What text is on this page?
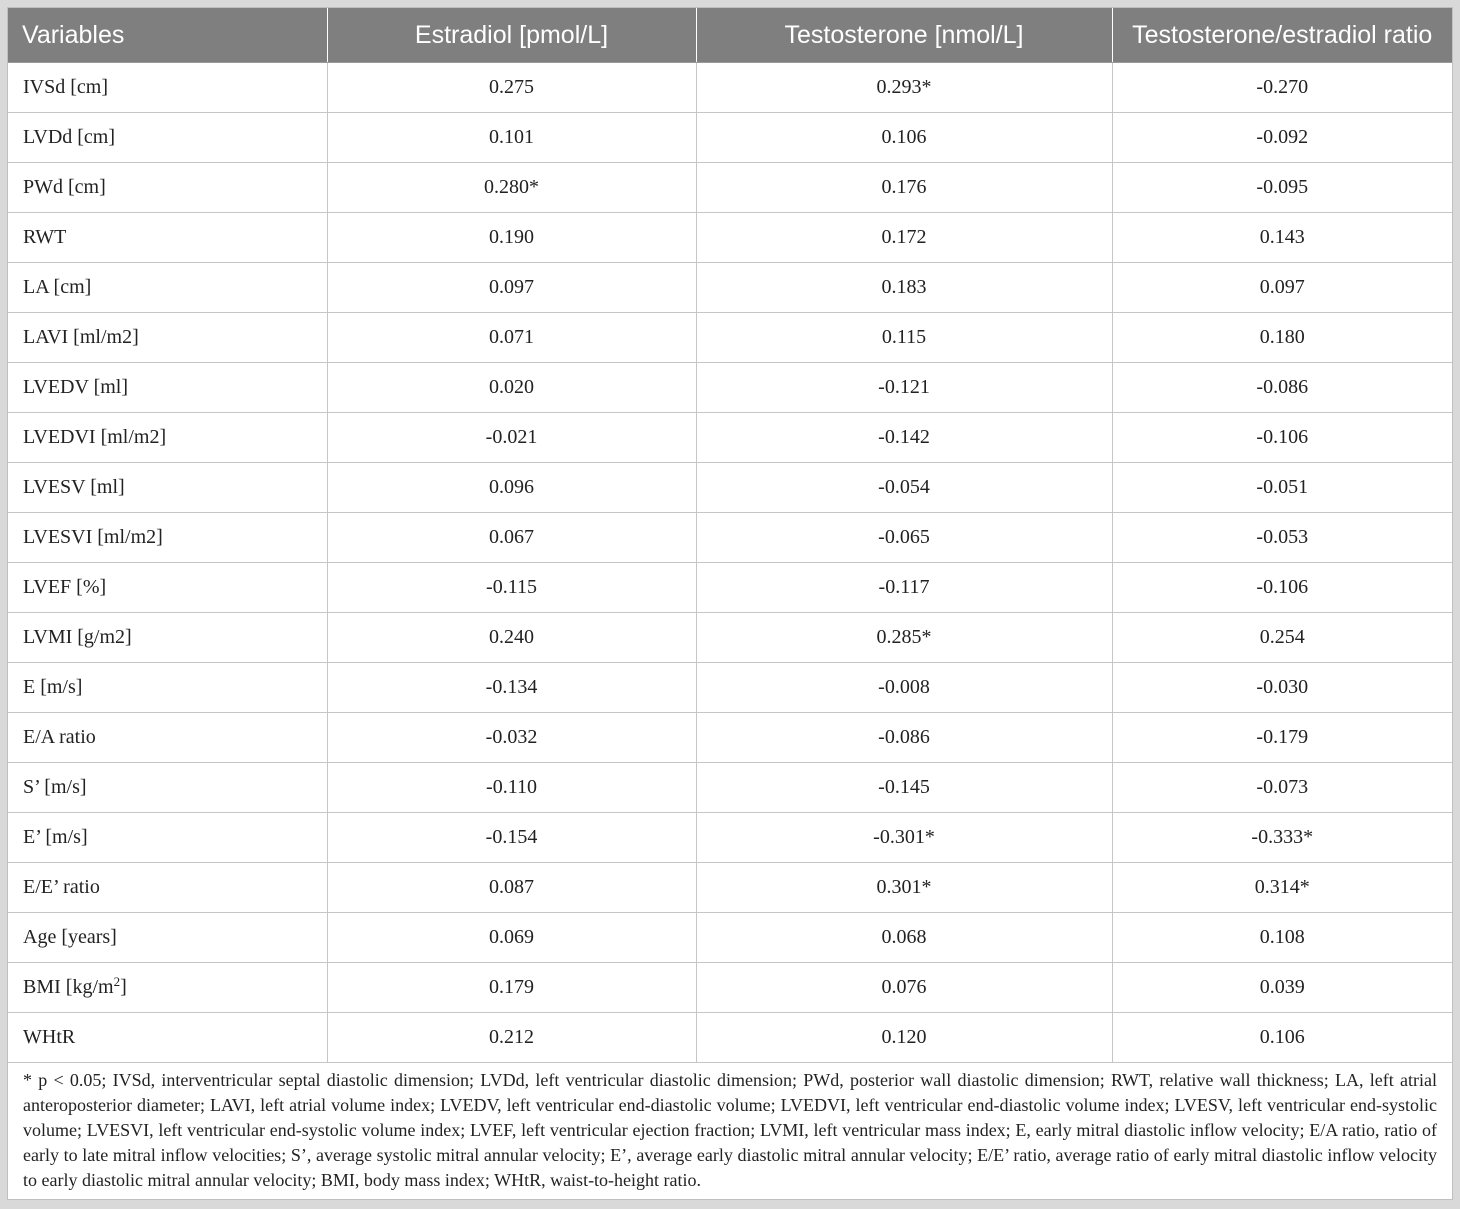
Variables	Estradiol [pmol/L]	Testosterone [nmol/L]	Testosterone/estradiol ratio
IVSd [cm]	0.275	0.293*	-0.270
LVDd [cm]	0.101	0.106	-0.092
PWd [cm]	0.280*	0.176	-0.095
RWT	0.190	0.172	0.143
LA [cm]	0.097	0.183	0.097
LAVI [ml/m2]	0.071	0.115	0.180
LVEDV [ml]	0.020	-0.121	-0.086
LVEDVI [ml/m2]	-0.021	-0.142	-0.106
LVESV [ml]	0.096	-0.054	-0.051
LVESVI [ml/m2]	0.067	-0.065	-0.053
LVEF [%]	-0.115	-0.117	-0.106
LVMI [g/m2]	0.240	0.285*	0.254
E [m/s]	-0.134	-0.008	-0.030
E/A ratio	-0.032	-0.086	-0.179
S’ [m/s]	-0.110	-0.145	-0.073
E’ [m/s]	-0.154	-0.301*	-0.333*
E/E’ ratio	0.087	0.301*	0.314*
Age [years]	0.069	0.068	0.108
BMI $[kg/m^2]$	0.179	0.076	0.039
WHtR	0.212	0.120	0.106
* p < 0.05; IVSd, interventricular septal diastolic dimension; LVDd, left ventricular diastolic dimension; PWd, posterior wall diastolic dimension; RWT, relative wall thickness; LA, left atrial anteroposterior diameter; LAVI, left atrial volume index; LVEDV, left ventricular end-diastolic volume; LVEDVI, left ventricular end-diastolic volume index; LVESV, left ventricular end-systolic volume; LVESVI, left ventricular end-systolic volume index; LVEF, left ventricular ejection fraction; LVMI, left ventricular mass index; E, early mitral diastolic inflow velocity; E/A ratio, ratio of early to late mitral inflow velocities; S’, average systolic mitral annular velocity; E’, average early diastolic mitral annular velocity; E/E’ ratio, average ratio of early mitral diastolic inflow velocity to early diastolic mitral annular velocity; BMI, body mass index; WHtR, waist-to-height ratio.
